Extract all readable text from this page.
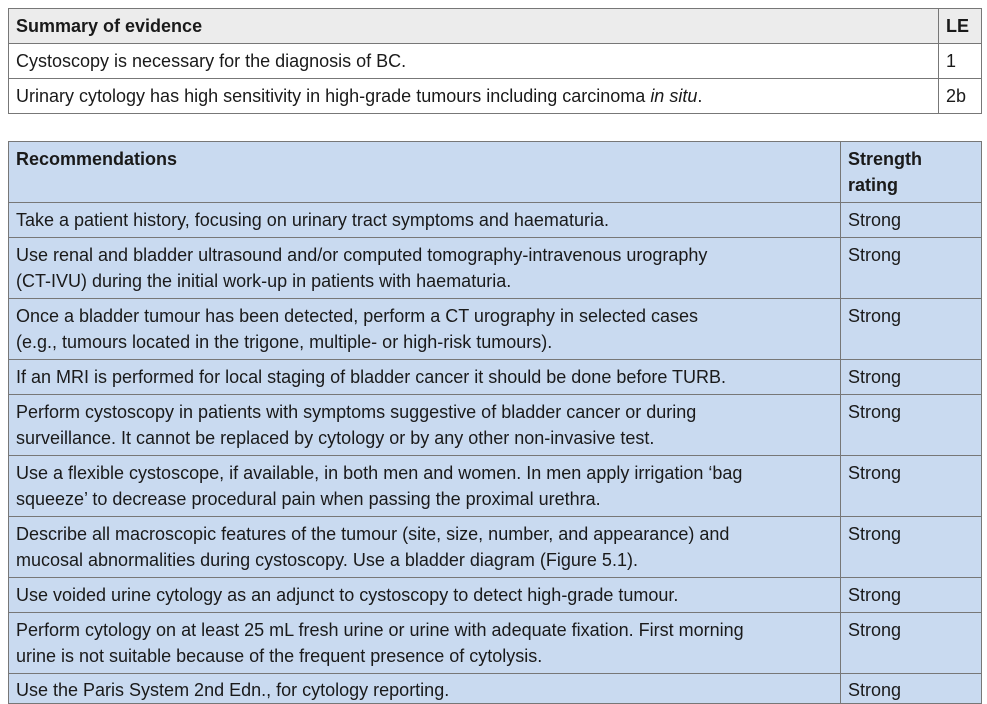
Summary of evidence	LE
Cystoscopy is necessary for the diagnosis of BC.	1
Urinary cytology has high sensitivity in high-grade tumours including carcinoma in situ.	2b
Recommendations	Strength rating
Take a patient history, focusing on urinary tract symptoms and haematuria.	Strong
Use renal and bladder ultrasound and/or computed tomography-intravenous urography
(CT-IVU) during the initial work-up in patients with haematuria.	Strong
Once a bladder tumour has been detected, perform a CT urography in selected cases
(e.g., tumours located in the trigone, multiple- or high-risk tumours).	Strong
If an MRI is performed for local staging of bladder cancer it should be done before TURB.	Strong
Perform cystoscopy in patients with symptoms suggestive of bladder cancer or during
surveillance. It cannot be replaced by cytology or by any other non-invasive test.	Strong
Use a flexible cystoscope, if available, in both men and women. In men apply irrigation ‘bag
squeeze’ to decrease procedural pain when passing the proximal urethra.	Strong
Describe all macroscopic features of the tumour (site, size, number, and appearance) and
mucosal abnormalities during cystoscopy. Use a bladder diagram (Figure 5.1).	Strong
Use voided urine cytology as an adjunct to cystoscopy to detect high-grade tumour.	Strong
Perform cytology on at least 25 mL fresh urine or urine with adequate fixation. First morning
urine is not suitable because of the frequent presence of cytolysis.	Strong
Use the Paris System 2nd Edn., for cytology reporting.	Strong
